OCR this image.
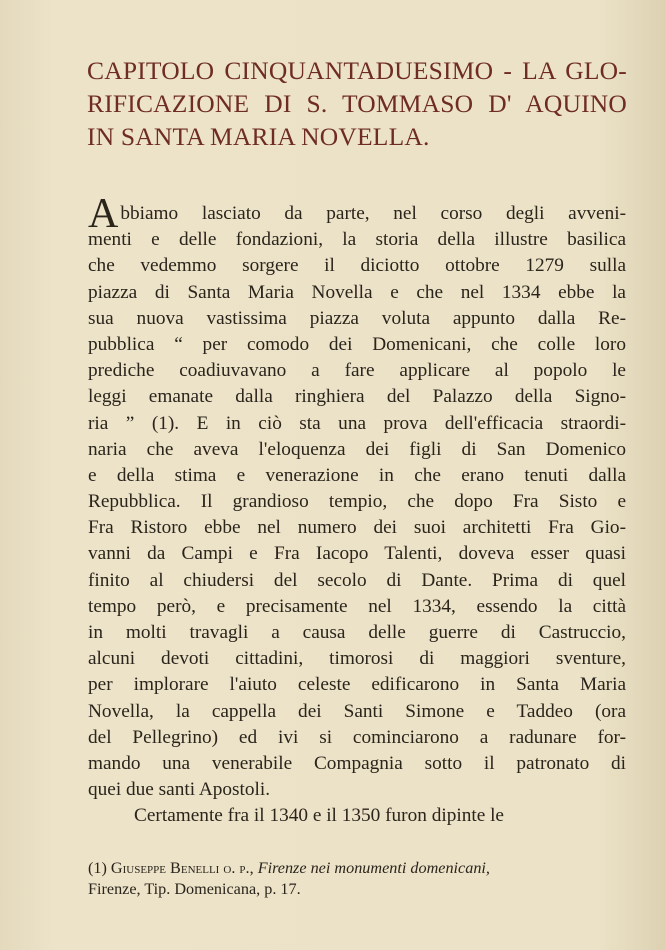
CAPITOLO CINQUANTADUESIMO - LA GLO-
RIFICAZIONE DI S. TOMMASO D' AQUINO
IN SANTA MARIA NOVELLA.
Abbiamo lasciato da parte, nel corso degli avveni-
menti e delle fondazioni, la storia della illustre basilica
che vedemmo sorgere il diciotto ottobre 1279 sulla
piazza di Santa Maria Novella e che nel 1334 ebbe la
sua nuova vastissima piazza voluta appunto dalla Re-
pubblica “ per comodo dei Domenicani, che colle loro
prediche coadiuvavano a fare applicare al popolo le
leggi emanate dalla ringhiera del Palazzo della Signo-
ria ” (1). E in ciò sta una prova dell'efficacia straordi-
naria che aveva l'eloquenza dei figli di San Domenico
e della stima e venerazione in che erano tenuti dalla
Repubblica. Il grandioso tempio, che dopo Fra Sisto e
Fra Ristoro ebbe nel numero dei suoi architetti Fra Gio-
vanni da Campi e Fra Iacopo Talenti, doveva esser quasi
finito al chiudersi del secolo di Dante. Prima di quel
tempo però, e precisamente nel 1334, essendo la città
in molti travagli a causa delle guerre di Castruccio,
alcuni devoti cittadini, timorosi di maggiori sventure,
per implorare l'aiuto celeste edificarono in Santa Maria
Novella, la cappella dei Santi Simone e Taddeo (ora
del Pellegrino) ed ivi si cominciarono a radunare for-
mando una venerabile Compagnia sotto il patronato di
quei due santi Apostoli.
Certamente fra il 1340 e il 1350 furon dipinte le
(1) Giuseppe Benelli o. p., Firenze nei monumenti domenicani,
Firenze, Tip. Domenicana, p. 17.
